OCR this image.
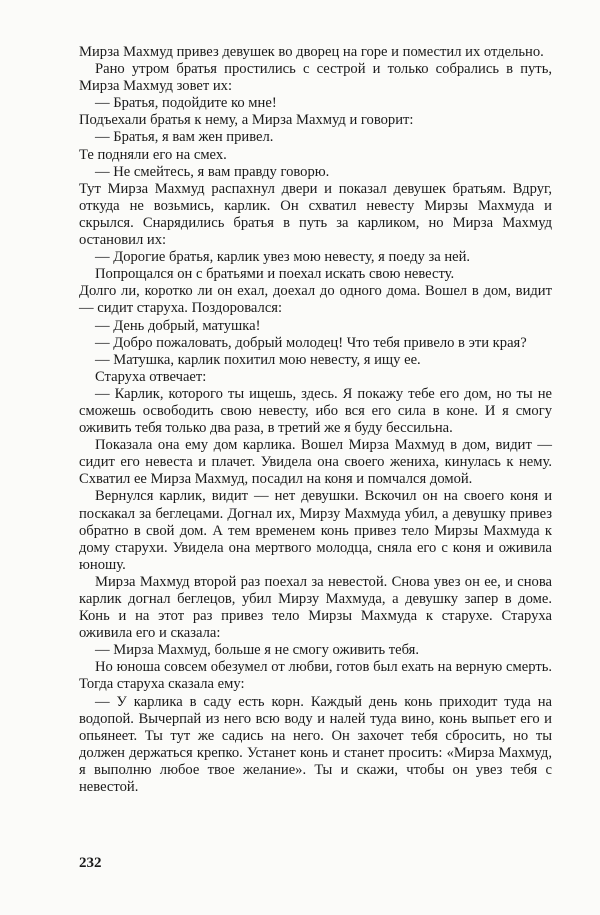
Мирза Махмуд привез девушек во дворец на горе и поместил их отдельно.

Рано утром братья простились с сестрой и только собрались в путь, Мирза Махмуд зовет их:

— Братья, подойдите ко мне!

Подъехали братья к нему, а Мирза Махмуд и говорит:

— Братья, я вам жен привел.

Те подняли его на смех.

— Не смейтесь, я вам правду говорю.

Тут Мирза Махмуд распахнул двери и показал девушек братьям. Вдруг, откуда не возьмись, карлик. Он схватил невесту Мирзы Махмуда и скрылся. Снарядились братья в путь за карликом, но Мирза Махмуд остановил их:

— Дорогие братья, карлик увез мою невесту, я поеду за ней.

Попрощался он с братьями и поехал искать свою невесту.

Долго ли, коротко ли он ехал, доехал до одного дома. Вошел в дом, видит — сидит старуха. Поздоровался:

— День добрый, матушка!

— Добро пожаловать, добрый молодец! Что тебя привело в эти края?

— Матушка, карлик похитил мою невесту, я ищу ее.

Старуха отвечает:

— Карлик, которого ты ищешь, здесь. Я покажу тебе его дом, но ты не сможешь освободить свою невесту, ибо вся его сила в коне. И я смогу оживить тебя только два раза, в третий же я буду бессильна.

Показала она ему дом карлика. Вошел Мирза Махмуд в дом, видит — сидит его невеста и плачет. Увидела она своего жениха, кинулась к нему. Схватил ее Мирза Махмуд, посадил на коня и помчался домой.

Вернулся карлик, видит — нет девушки. Вскочил он на своего коня и поскакал за беглецами. Догнал их, Мирзу Махмуда убил, а девушку привез обратно в свой дом. А тем временем конь привез тело Мирзы Махмуда к дому старухи. Увидела она мертвого молодца, сняла его с коня и оживила юношу.

Мирза Махмуд второй раз поехал за невестой. Снова увез он ее, и снова карлик догнал беглецов, убил Мирзу Махмуда, а девушку запер в доме. Конь и на этот раз привез тело Мирзы Махмуда к старухе. Старуха оживила его и сказала:

— Мирза Махмуд, больше я не смогу оживить тебя.

Но юноша совсем обезумел от любви, готов был ехать на верную смерть. Тогда старуха сказала ему:

— У карлика в саду есть корн. Каждый день конь приходит туда на водопой. Вычерпай из него всю воду и налей туда вино, конь выпьет его и опьянеет. Ты тут же садись на него. Он захочет тебя сбросить, но ты должен держаться крепко. Устанет конь и станет просить: «Мирза Махмуд, я выполню любое твое желание». Ты и скажи, чтобы он увез тебя с невестой.

232
